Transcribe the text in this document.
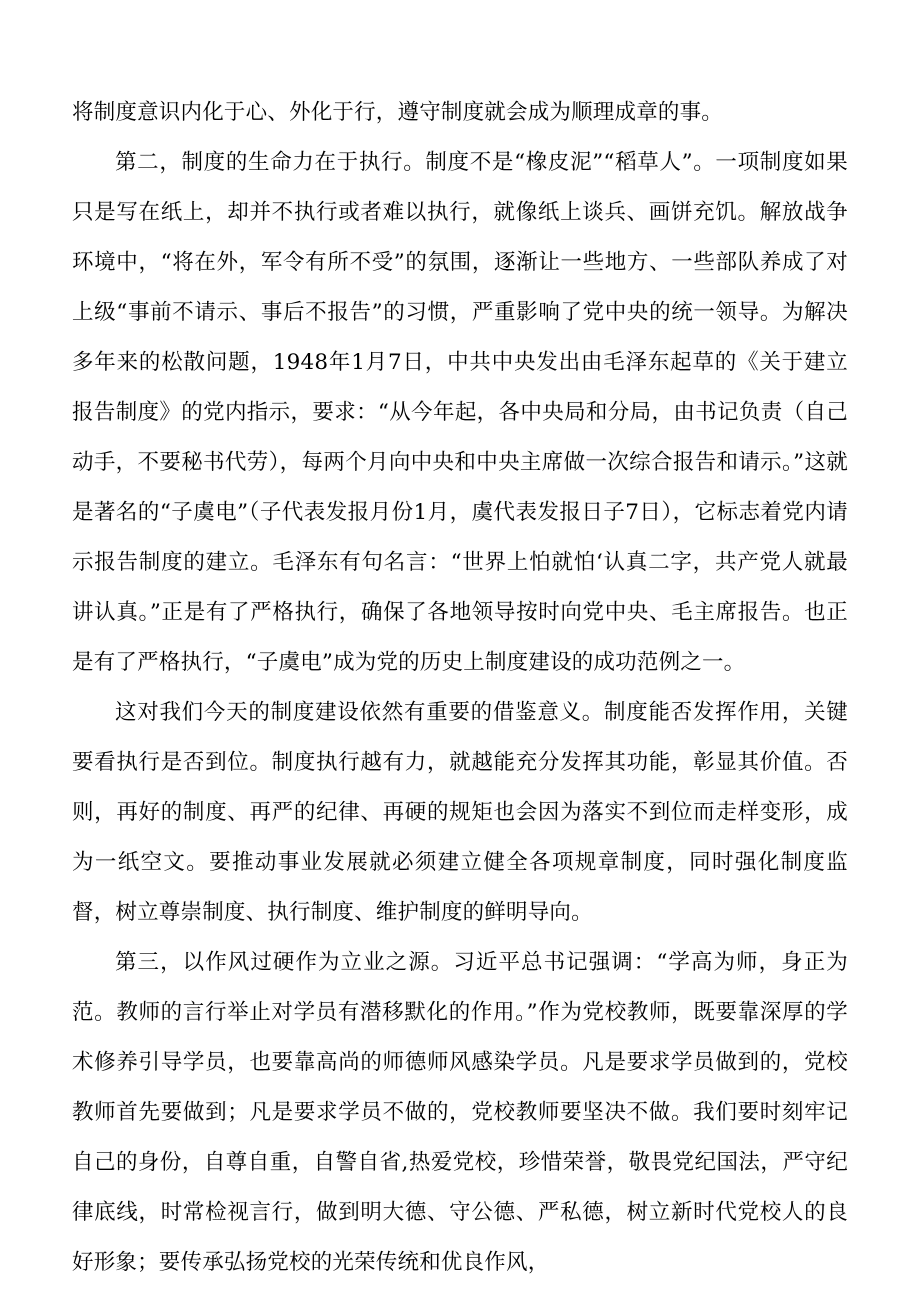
将制度意识内化于心、外化于行，遵守制度就会成为顺理成章的事。

第二，制度的生命力在于执行。制度不是“橡皮泥”“稻草人”。一项制度如果只是写在纸上，却并不执行或者难以执行，就像纸上谈兵、画饼充饥。解放战争环境中，“将在外，军令有所不受”的氛围，逐渐让一些地方、一些部队养成了对上级“事前不请示、事后不报告”的习惯，严重影响了党中央的统一领导。为解决多年来的松散问题，1948年1月7日，中共中央发出由毛泽东起草的《关于建立报告制度》的党内指示，要求：“从今年起，各中央局和分局，由书记负责（自己动手，不要秘书代劳），每两个月向中央和中央主席做一次综合报告和请示。”这就是著名的“子虞电”（子代表发报月份1月，虞代表发报日子7日），它标志着党内请示报告制度的建立。毛泽东有句名言：“世界上怕就怕‘认真二字，共产党人就最讲认真。”正是有了严格执行，确保了各地领导按时向党中央、毛主席报告。也正是有了严格执行，“子虞电”成为党的历史上制度建设的成功范例之一。

这对我们今天的制度建设依然有重要的借鉴意义。制度能否发挥作用，关键要看执行是否到位。制度执行越有力，就越能充分发挥其功能，彰显其价值。否则，再好的制度、再严的纪律、再硬的规矩也会因为落实不到位而走样变形，成为一纸空文。要推动事业发展就必须建立健全各项规章制度，同时强化制度监督，树立尊崇制度、执行制度、维护制度的鲜明导向。

第三，以作风过硬作为立业之源。习近平总书记强调：“学高为师，身正为范。教师的言行举止对学员有潜移默化的作用。”作为党校教师，既要靠深厚的学术修养引导学员，也要靠高尚的师德师风感染学员。凡是要求学员做到的，党校教师首先要做到；凡是要求学员不做的，党校教师要坚决不做。我们要时刻牢记自己的身份，自尊自重，自警自省,热爱党校，珍惜荣誉，敬畏党纪国法，严守纪律底线，时常检视言行，做到明大德、守公德、严私德，树立新时代党校人的良好形象；要传承弘扬党校的光荣传统和优良作风，
